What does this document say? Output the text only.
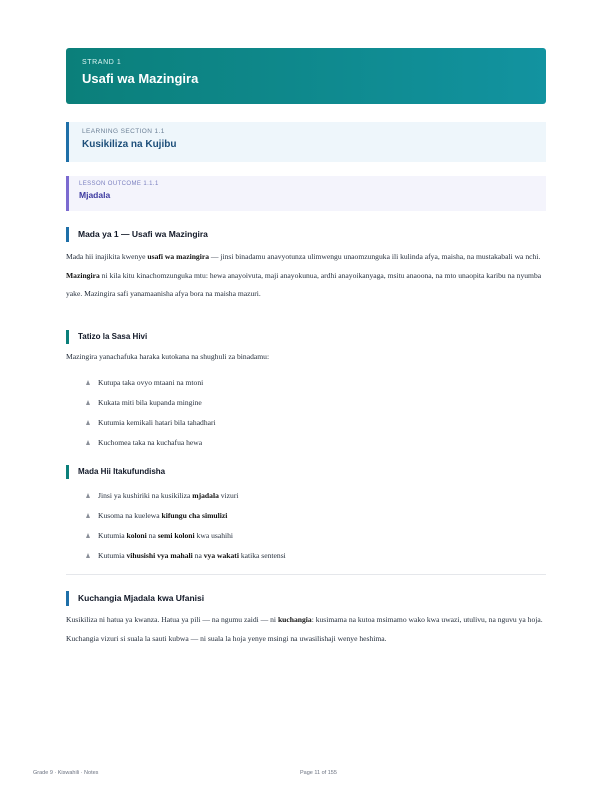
STRAND 1
Usafi wa Mazingira
LEARNING SECTION 1.1
Kusikiliza na Kujibu
LESSON OUTCOME 1.1.1
Mjadala
Mada ya 1 — Usafi wa Mazingira
Mada hii inajikita kwenye usafi wa mazingira — jinsi binadamu anavyotunza ulimwengu unaomzunguka ili kulinda afya, maisha, na mustakabali wa nchi.
Mazingira ni kila kitu kinachomzunguka mtu: hewa anayoivuta, maji anayokunua, ardhi anayoikanyaga, msitu anaoona, na mto unaopita karibu na nyumba yake. Mazingira safi yanamaanisha afya bora na maisha mazuri.
Tatizo la Sasa Hivi
Mazingira yanachafuka haraka kutokana na shughuli za binadamu:
Kutupa taka ovyo mtaani na mtoni
Kukata miti bila kupanda mingine
Kutumia kemikali hatari bila tahadhari
Kuchomea taka na kuchafua hewa
Mada Hii Itakufundisha
Jinsi ya kushiriki na kusikiliza mjadala vizuri
Kusoma na kuelewa kifungu cha simulizi
Kutumia koloni na semi koloni kwa usahihi
Kutumia vihusishi vya mahali na vya wakati katika sentensi
Kuchangia Mjadala kwa Ufanisi
Kusikiliza ni hatua ya kwanza. Hatua ya pili — na ngumu zaidi — ni kuchangia: kusimama na kutoa msimamo wako kwa uwazi, utulivu, na nguvu ya hoja.
Kuchangia vizuri si suala la sauti kubwa — ni suala la hoja yenye msingi na uwasilishaji wenye heshima.
Grade 9 · Kiswahili · Notes	Page 11 of 155
